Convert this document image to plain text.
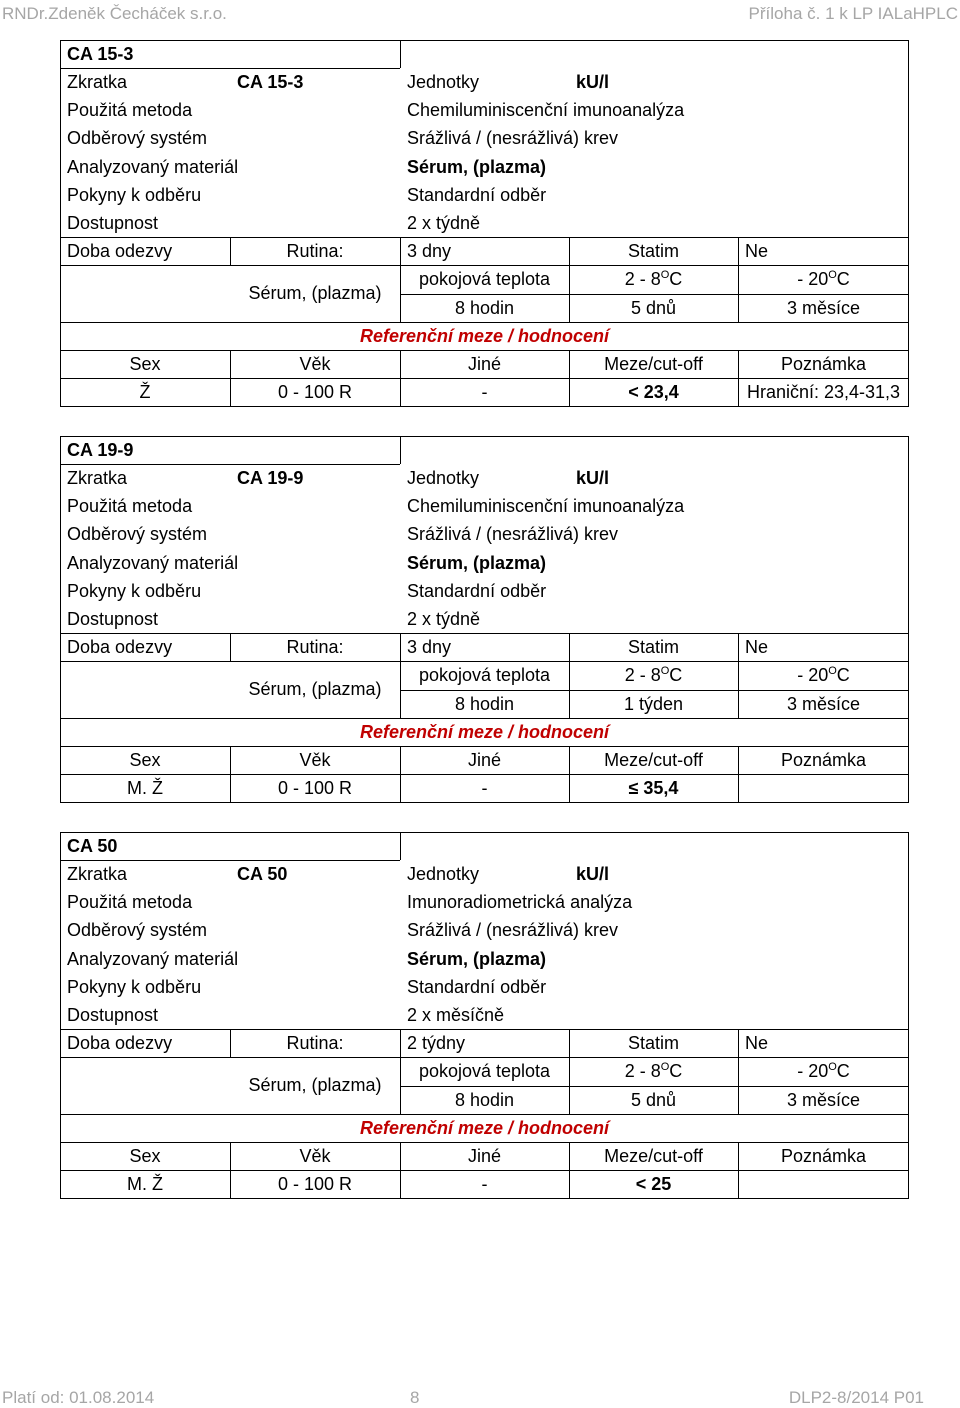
RNDr.Zdeněk Čecháček s.r.o.	Příloha č. 1 k LP IALaHPLC
CA 15-3
Zkratka	CA 15-3	Jednotky	kU/l
Použitá metoda	Chemiluminiscenční imunoanalýza
Odběrový systém	Srážlivá / (nesrážlivá) krev
Analyzovaný materiál	Sérum, (plazma)
Pokyny k odběru	Standardní odběr
Dostupnost	2 x týdně
Doba odezvy	Rutina:	3 dny	Statim	Ne
Sérum, (plazma)
pokojová teplota	$2 - 8^OC$	- $20^OC$
8 hodin	5 dnů	3 měsíce
Referenční meze / hodnocení
Sex	Věk	Jiné	Meze/cut-off	Poznámka
Ž	0 - 100 R	-	< 23,4	Hraniční: 23,4-31,3
CA 19-9
Zkratka	CA 19-9	Jednotky	kU/l
Použitá metoda	Chemiluminiscenční imunoanalýza
Odběrový systém	Srážlivá / (nesrážlivá) krev
Analyzovaný materiál	Sérum, (plazma)
Pokyny k odběru	Standardní odběr
Dostupnost	2 x týdně
Doba odezvy	Rutina:	3 dny	Statim	Ne
Sérum, (plazma)
pokojová teplota	$2 - 8^OC$	- $20^OC$
8 hodin	1 týden	3 měsíce
Referenční meze / hodnocení
Sex	Věk	Jiné	Meze/cut-off	Poznámka
M. Ž	0 - 100 R	-	≤ 35,4
CA 50
Zkratka	CA 50	Jednotky	kU/l
Použitá metoda	Imunoradiometrická analýza
Odběrový systém	Srážlivá / (nesrážlivá) krev
Analyzovaný materiál	Sérum, (plazma)
Pokyny k odběru	Standardní odběr
Dostupnost	2 x měsíčně
Doba odezvy	Rutina:	2 týdny	Statim	Ne
Sérum, (plazma)
pokojová teplota	$2 - 8^OC$	- $20^OC$
8 hodin	5 dnů	3 měsíce
Referenční meze / hodnocení
Sex	Věk	Jiné	Meze/cut-off	Poznámka
M. Ž	0 - 100 R	-	< 25
Platí od: 01.08.2014	8	DLP2-8/2014 P01
